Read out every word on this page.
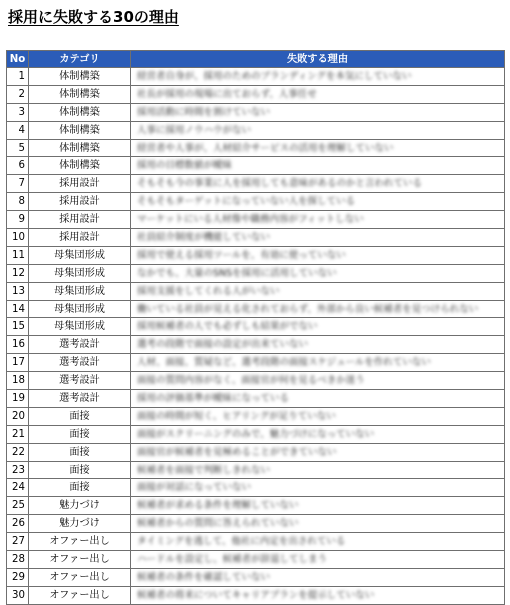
採用に失敗する30の理由
No	カテゴリ	失敗する理由
1	体制構築	経営者自身が、採用のためのブランディングを本気にしていない
2	体制構築	社長が採用の現場に出ておらず、人事任せ
3	体制構築	採用活動に時間を割けていない
4	体制構築	人事に採用ノウハウがない
5	体制構築	経営者や人事が、人材紹介サービスの活用を理解していない
6	体制構築	採用の目標数値が曖昧
7	採用設計	そもそも今の事業に人を採用しても意味があるのかと言われている
8	採用設計	そもそもターゲットになっていない人を探している
9	採用設計	マーケットにいる人材像や職務内容がフィットしない
10	採用設計	社員紹介制度が機能していない
11	母集団形成	採用で使える採用ツールを、有効に使っていない
12	母集団形成	なかでも、大量のSNSを採用に活用していない
13	母集団形成	採用支援をしてくれる人がいない
14	母集団形成	働いている社員が見える化されておらず、外部から良い候補者を見つけられない
15	母集団形成	採用候補者の人でも必ずしも結果がでない
16	選考設計	選考の段階で面接の設定が出来ていない
17	選考設計	人材、面接、質疑など、選考段階の面接スケジュールを作れていない
18	選考設計	面接の質問内容がなく、面接官が何を見るべきか迷う
19	選考設計	採用の評価基準が曖昧になっている
20	面接	面接の時間が短く、ヒアリングが足りていない
21	面接	面接がスクリーニングのみで、魅力づけになっていない
22	面接	面接官が候補者を見極めることができていない
23	面接	候補者を面接で判断しきれない
24	面接	面接が対話になっていない
25	魅力づけ	候補者が求める条件を理解していない
26	魅力づけ	候補者からの質問に答えられていない
27	オファー出し	タイミングを逃して、他社に内定を出されている
28	オファー出し	ハードルを設定し、候補者が辞退してしまう
29	オファー出し	候補者の条件を確認していない
30	オファー出し	候補者の将来についてキャリアプランを提示していない
